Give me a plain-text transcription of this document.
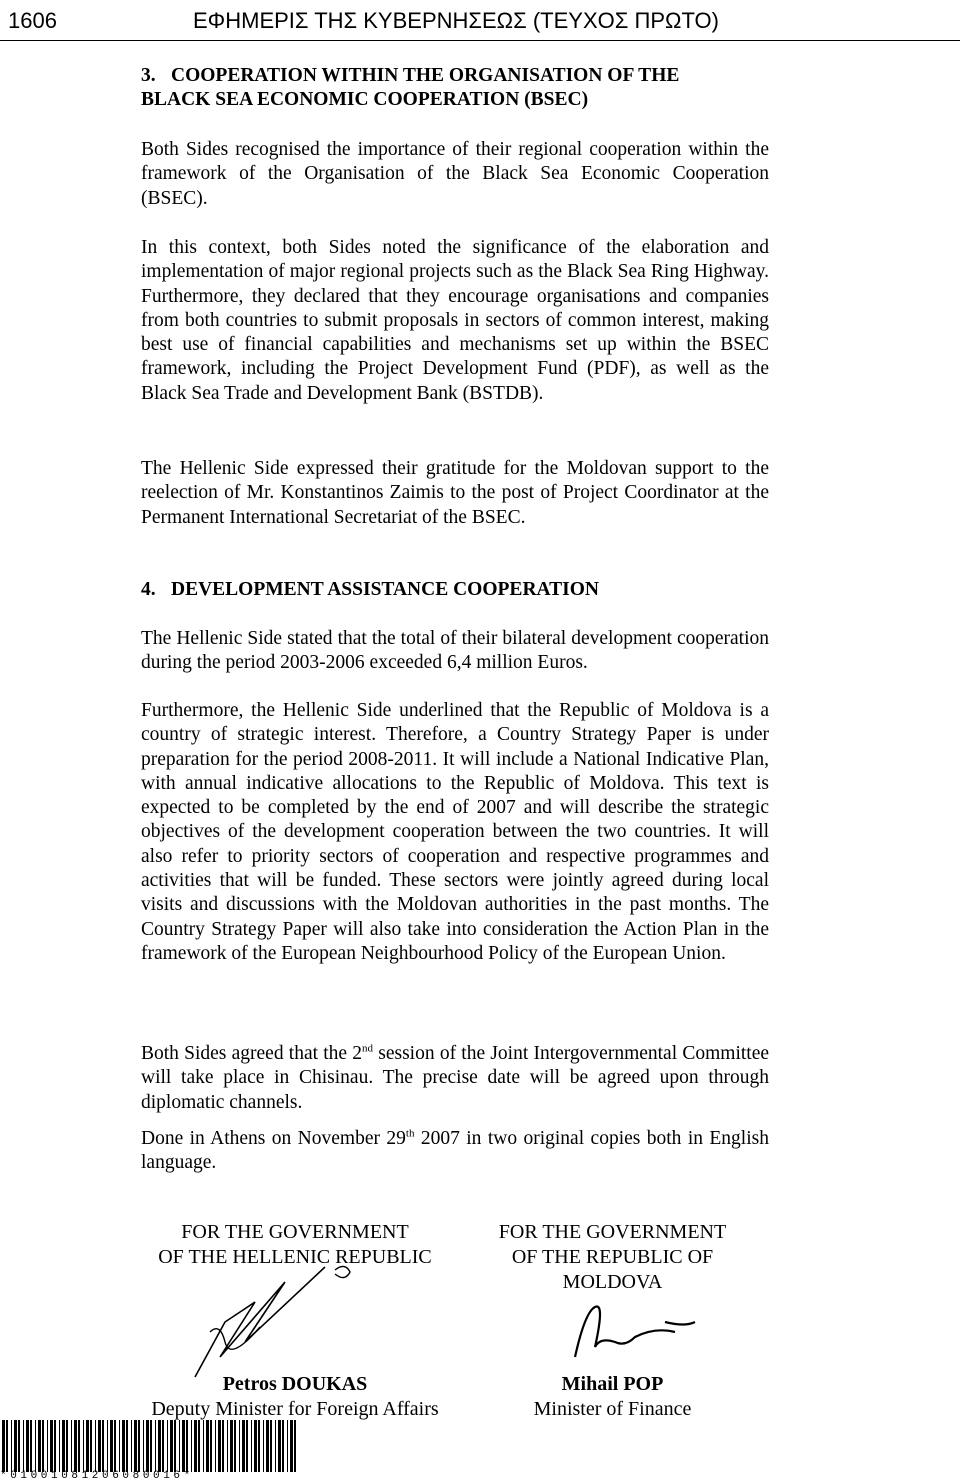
1606	ΕΦΗΜΕΡΙΣ ΤΗΣ ΚΥΒΕΡΝΗΣΕΩΣ (ΤΕΥΧΟΣ ΠΡΩΤΟ)
3. COOPERATION WITHIN THE ORGANISATION OF THE
BLACK SEA ECONOMIC COOPERATION (BSEC)

Both Sides recognised the importance of their regional cooperation within the framework of the Organisation of the Black Sea Economic Cooperation (BSEC).

In this context, both Sides noted the significance of the elaboration and implementation of major regional projects such as the Black Sea Ring Highway. Furthermore, they declared that they encourage organisations and companies from both countries to submit proposals in sectors of common interest, making best use of financial capabilities and mechanisms set up within the BSEC framework, including the Project Development Fund (PDF), as well as the Black Sea Trade and Development Bank (BSTDB).

The Hellenic Side expressed their gratitude for the Moldovan support to the reelection of Mr. Konstantinos Zaimis to the post of Project Coordinator at the Permanent International Secretariat of the BSEC.

4. DEVELOPMENT ASSISTANCE COOPERATION

The Hellenic Side stated that the total of their bilateral development cooperation during the period 2003-2006 exceeded 6,4 million Euros.

Furthermore, the Hellenic Side underlined that the Republic of Moldova is a country of strategic interest. Therefore, a Country Strategy Paper is under preparation for the period 2008-2011. It will include a National Indicative Plan, with annual indicative allocations to the Republic of Moldova. This text is expected to be completed by the end of 2007 and will describe the strategic objectives of the development cooperation between the two countries. It will also refer to priority sectors of cooperation and respective programmes and activities that will be funded. These sectors were jointly agreed during local visits and discussions with the Moldovan authorities in the past months. The Country Strategy Paper will also take into consideration the Action Plan in the framework of the European Neighbourhood Policy of the European Union.

Both Sides agreed that the 2nd session of the Joint Intergovernmental Committee will take place in Chisinau. The precise date will be agreed upon through diplomatic channels.

Done in Athens on November 29th 2007 in two original copies both in English language.

FOR THE GOVERNMENT
OF THE HELLENIC REPUBLIC
Petros DOUKAS
Deputy Minister for Foreign Affairs
FOR THE GOVERNMENT
OF THE REPUBLIC OF
MOLDOVA
Mihail POP
Minister of Finance
*01001081206080016*
